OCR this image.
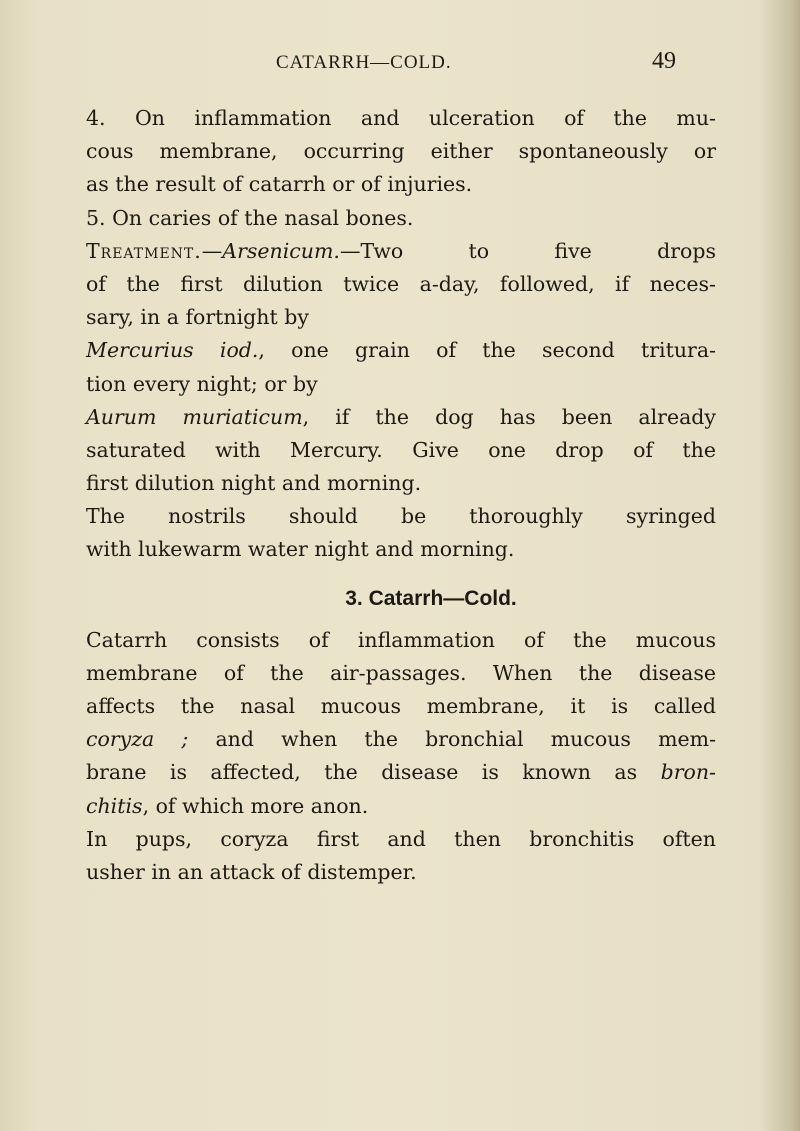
CATARRH—COLD.	49
4. On inflammation and ulceration of the mu-
cous membrane, occurring either spontaneously or
as the result of catarrh or of injuries.
5. On caries of the nasal bones.
Treatment.—Arsenicum.—Two to five drops
of the first dilution twice a-day, followed, if neces-
sary, in a fortnight by
Mercurius iod., one grain of the second tritura-
tion every night; or by
Aurum muriaticum, if the dog has been already
saturated with Mercury. Give one drop of the
first dilution night and morning.
The nostrils should be thoroughly syringed
with lukewarm water night and morning.
3. Catarrh—Cold.
Catarrh consists of inflammation of the mucous
membrane of the air-passages. When the disease
affects the nasal mucous membrane, it is called
coryza ; and when the bronchial mucous mem-
brane is affected, the disease is known as bron-
chitis, of which more anon.
In pups, coryza first and then bronchitis often
usher in an attack of distemper.
